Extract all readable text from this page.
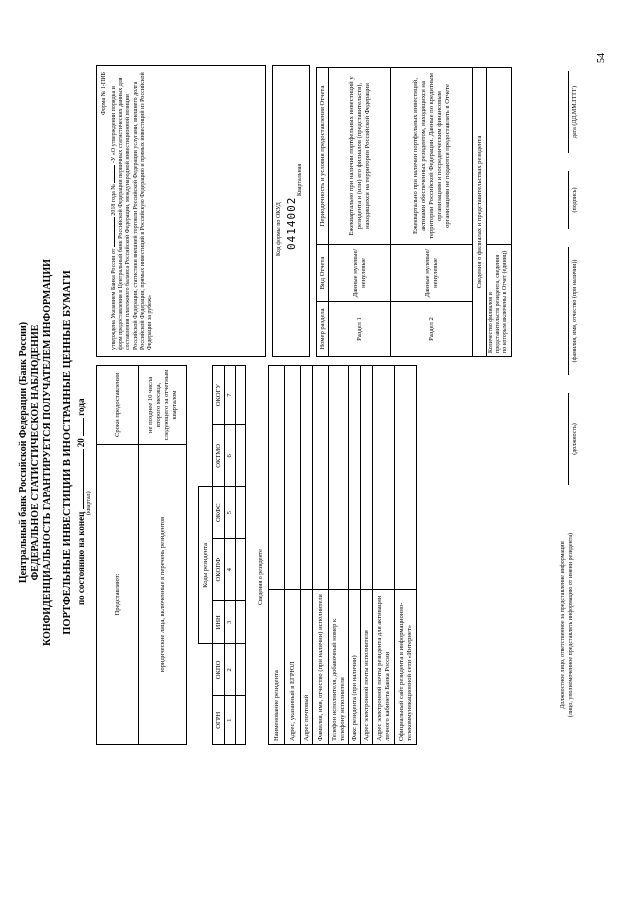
Центральный банк Российской Федерации (Банк России) ФЕДЕРАЛЬНОЕ СТАТИСТИЧЕСКОЕ НАБЛЮДЕНИЕ КОНФИДЕНЦИАЛЬНОСТЬ ГАРАНТИРУЕТСЯ ПОЛУЧАТЕЛЕМ ИНФОРМАЦИИ ПОРТФЕЛЬНЫЕ ИНВЕСТИЦИИ В ИНОСТРАННЫЕ ЦЕННЫЕ БУМАГИ по состоянию на конец  20  года
(квартал)
Представляют:	Сроки предоставления
юридические лица, включенные в перечень резидентов	не позднее 10 числа второго месяца, следующего за отчетным кварталом
Форма № 1-ПИБ
утверждена Указанием Банка России от  2018 года №  -У «О утверждении порядка и форм предоставления в Центральный банк Российской Федерации первичных статистических данных для составления платежного баланса Российской Федерации, международной инвестиционной позиции Российской Федерации, статистики внешней торговли Российской Федерации услугами, внешнего долга Российской Федерации, прямых инвестиций в Российскую Федерацию и прямых инвестиций из Российской Федерации за рубеж»
Код формы по ОКУД 0414002
Квартальная
		Коды резидента				
ОГРН	ОКПО	ИНН	ОКОПФ	ОКФС	ОКТМО	ОКОГУ
1	2	3	4	5	6	7

Сведения о резиденте
Наименование резидента	
Адрес, указанный в ЕГРЮЛ	
Адрес почтовый	
Фамилия, имя, отчество (при наличии) исполнителя	
Телефон исполнителя, добавочный номер к телефону исполнителя	
Факс резидента (при наличии)	
Адрес электронной почты исполнителя	
Адрес электронной почты резидента для активации личного кабинета Банка России	
Официальный сайт резидента в информационно-телекоммуникационной сети «Интернет»	
Номер раздела	Вид Отчета	Периодичность и условия предоставления Отчета
Раздел 1	Данные нулевые/ ненулевые	Ежеквартально при наличии портфельных инвестиций у резидента и (или) его филиалов (представительств), находящихся на территории Российской Федерации
Раздел 2	Данные нулевые/ ненулевые	Ежеквартально при наличии портфельных инвестиций, активами обеспеченных резидентом, находящихся на территории Российской Федерации. Данные по кредитным организациям и посредническим финансовым организациям не подаются предоставлять в Отчете
Сведения о филиалах и представительствах резидента		
Количество филиалов и представительств резидента, сведения по которым включены в Отчет (единиц)		
Должностное лицо, ответственное за представление информации (лицо, уполномоченное представлять информацию от имени резидента)
(должность)
(фамилия, имя, отчество (при наличии))
(подпись)
дата (ДД.ММ.ГГГГ)
54
